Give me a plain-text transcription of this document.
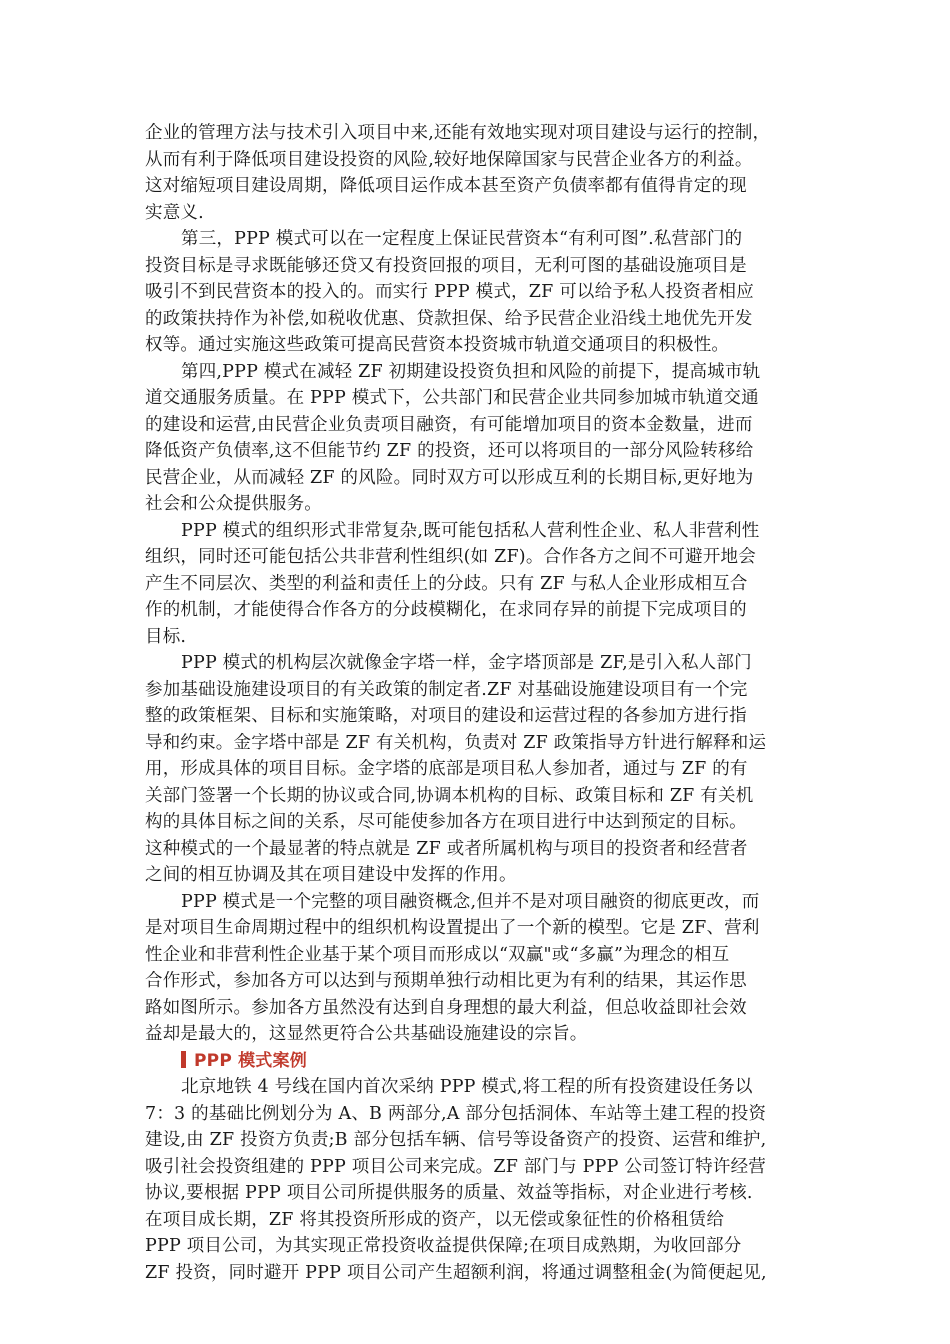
企业的管理方法与技术引入项目中来,还能有效地实现对项目建设与运行的控制，
从而有利于降低项目建设投资的风险,较好地保障国家与民营企业各方的利益。
这对缩短项目建设周期，降低项目运作成本甚至资产负债率都有值得肯定的现
实意义.
第三，PPP 模式可以在一定程度上保证民营资本“有利可图”.私营部门的
投资目标是寻求既能够还贷又有投资回报的项目，无利可图的基础设施项目是
吸引不到民营资本的投入的。而实行 PPP 模式，ZF 可以给予私人投资者相应
的政策扶持作为补偿,如税收优惠、贷款担保、给予民营企业沿线土地优先开发
权等。通过实施这些政策可提高民营资本投资城市轨道交通项目的积极性。
第四,PPP 模式在减轻 ZF 初期建设投资负担和风险的前提下，提高城市轨
道交通服务质量。在 PPP 模式下，公共部门和民营企业共同参加城市轨道交通
的建设和运营,由民营企业负责项目融资，有可能增加项目的资本金数量，进而
降低资产负债率,这不但能节约 ZF 的投资，还可以将项目的一部分风险转移给
民营企业，从而减轻 ZF 的风险。同时双方可以形成互利的长期目标,更好地为
社会和公众提供服务。
PPP 模式的组织形式非常复杂,既可能包括私人营利性企业、私人非营利性
组织，同时还可能包括公共非营利性组织(如 ZF)。合作各方之间不可避开地会
产生不同层次、类型的利益和责任上的分歧。只有 ZF 与私人企业形成相互合
作的机制，才能使得合作各方的分歧模糊化，在求同存异的前提下完成项目的
目标.
PPP 模式的机构层次就像金字塔一样，金字塔顶部是 ZF,是引入私人部门
参加基础设施建设项目的有关政策的制定者.ZF 对基础设施建设项目有一个完
整的政策框架、目标和实施策略，对项目的建设和运营过程的各参加方进行指
导和约束。金字塔中部是 ZF 有关机构，负责对 ZF 政策指导方针进行解释和运
用，形成具体的项目目标。金字塔的底部是项目私人参加者，通过与 ZF 的有
关部门签署一个长期的协议或合同,协调本机构的目标、政策目标和 ZF 有关机
构的具体目标之间的关系，尽可能使参加各方在项目进行中达到预定的目标。
这种模式的一个最显著的特点就是 ZF 或者所属机构与项目的投资者和经营者
之间的相互协调及其在项目建设中发挥的作用。
PPP 模式是一个完整的项目融资概念,但并不是对项目融资的彻底更改，而
是对项目生命周期过程中的组织机构设置提出了一个新的模型。它是 ZF、营利
性企业和非营利性企业基于某个项目而形成以“双赢"或“多赢”为理念的相互
合作形式，参加各方可以达到与预期单独行动相比更为有利的结果，其运作思
路如图所示。参加各方虽然没有达到自身理想的最大利益，但总收益即社会效
益却是最大的，这显然更符合公共基础设施建设的宗旨。
PPP 模式案例
北京地铁 4 号线在国内首次采纳 PPP 模式,将工程的所有投资建设任务以
7：3 的基础比例划分为 A、B 两部分,A 部分包括洞体、车站等土建工程的投资
建设,由 ZF 投资方负责;B 部分包括车辆、信号等设备资产的投资、运营和维护,
吸引社会投资组建的 PPP 项目公司来完成。ZF 部门与 PPP 公司签订特许经营
协议,要根据 PPP 项目公司所提供服务的质量、效益等指标，对企业进行考核.
在项目成长期，ZF 将其投资所形成的资产，以无偿或象征性的价格租赁给
PPP 项目公司，为其实现正常投资收益提供保障;在项目成熟期，为收回部分
ZF 投资，同时避开 PPP 项目公司产生超额利润，将通过调整租金(为简便起见,
